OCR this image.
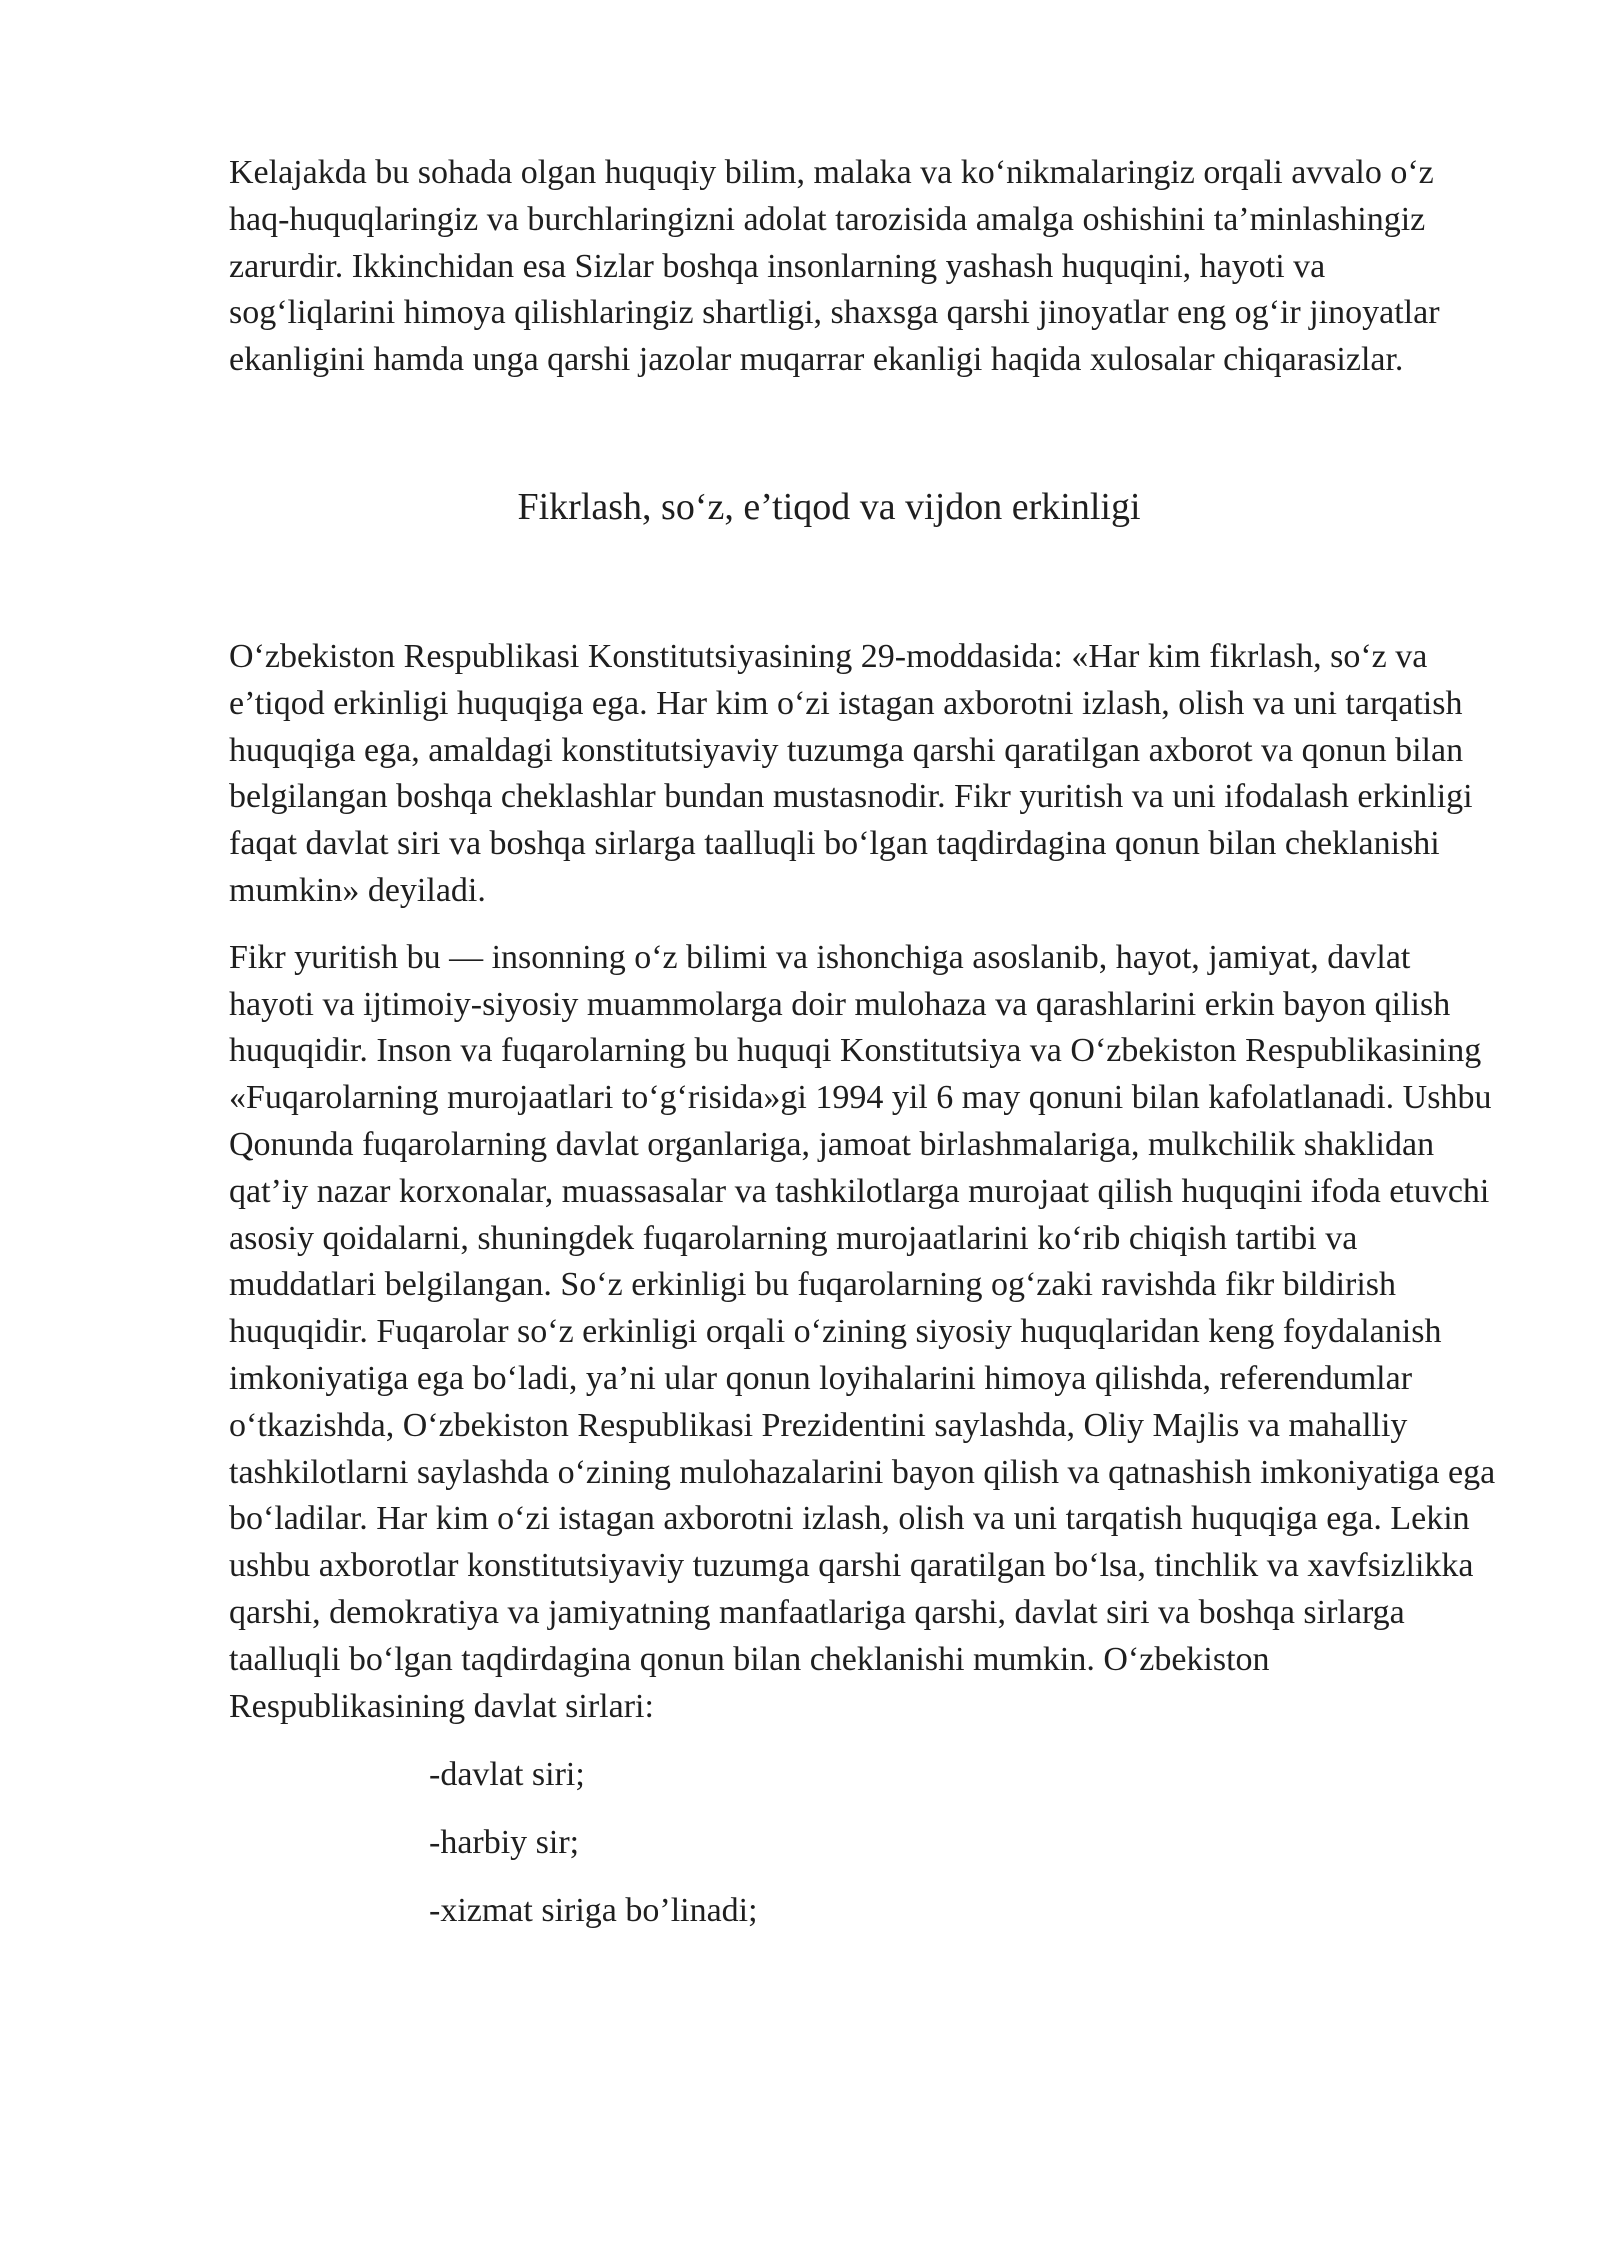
Kelajakda bu sohada olgan huquqiy bilim, malaka va ko‘nikmalaringiz orqali avvalo o‘z haq-huquqlaringiz va burchlaringizni adolat tarozisida amalga oshishini ta’minlashingiz zarurdir. Ikkinchidan esa Sizlar boshqa insonlarning yashash huquqini, hayoti va sog‘liqlarini himoya qilishlaringiz shartligi, shaxsga qarshi jinoyatlar eng og‘ir jinoyatlar ekanligini hamda unga qarshi jazolar muqarrar ekanligi haqida xulosalar chiqarasizlar.

Fikrlash, so‘z, e’tiqod va vijdon erkinligi

O‘zbekiston Respublikasi Konstitutsiyasining 29-moddasida: «Har kim fikrlash, so‘z va e’tiqod erkinligi huquqiga ega. Har kim o‘zi istagan axborotni izlash, olish va uni tarqatish huquqiga ega, amaldagi konstitutsiyaviy tuzumga qarshi qaratilgan axborot va qonun bilan belgilangan boshqa cheklashlar bundan mustasnodir. Fikr yuritish va uni ifodalash erkinligi faqat davlat siri va boshqa sirlarga taalluqli bo‘lgan taqdirdagina qonun bilan cheklanishi mumkin» deyiladi.

Fikr yuritish bu — insonning o‘z bilimi va ishonchiga asoslanib, hayot, jamiyat, davlat hayoti va ijtimoiy-siyosiy muammolarga doir mulohaza va qarashlarini erkin bayon qilish huquqidir. Inson va fuqarolarning bu huquqi Konstitutsiya va O‘zbekiston Respublikasining «Fuqarolarning murojaatlari to‘g‘risida»gi 1994 yil 6 may qonuni bilan kafolatlanadi. Ushbu Qonunda fuqarolarning davlat organlariga, jamoat birlashmalariga, mulkchilik shaklidan qat’iy nazar korxonalar, muassasalar va tashkilotlarga murojaat qilish huquqini ifoda etuvchi asosiy qoidalarni, shuningdek fuqarolarning murojaatlarini ko‘rib chiqish tartibi va muddatlari belgilangan. So‘z erkinligi bu fuqarolarning og‘zaki ravishda fikr bildirish huquqidir. Fuqarolar so‘z erkinligi orqali o‘zining siyosiy huquqlaridan keng foydalanish imkoniyatiga ega bo‘ladi, ya’ni ular qonun loyihalarini himoya qilishda, referendumlar o‘tkazishda, O‘zbekiston Respublikasi Prezidentini saylashda, Oliy Majlis va mahalliy tashkilotlarni saylashda o‘zining mulohazalarini bayon qilish va qatnashish imkoniyatiga ega bo‘ladilar. Har kim o‘zi istagan axborotni izlash, olish va uni tarqatish huquqiga ega. Lekin ushbu axborotlar konstitutsiyaviy tuzumga qarshi qaratilgan bo‘lsa, tinchlik va xavfsizlikka qarshi, demokratiya va jamiyatning manfaatlariga qarshi, davlat siri va boshqa sirlarga taalluqli bo‘lgan taqdirdagina qonun bilan cheklanishi mumkin. O‘zbekiston Respublikasining davlat sirlari:

-davlat siri;
-harbiy sir;
-xizmat siriga bo’linadi;
